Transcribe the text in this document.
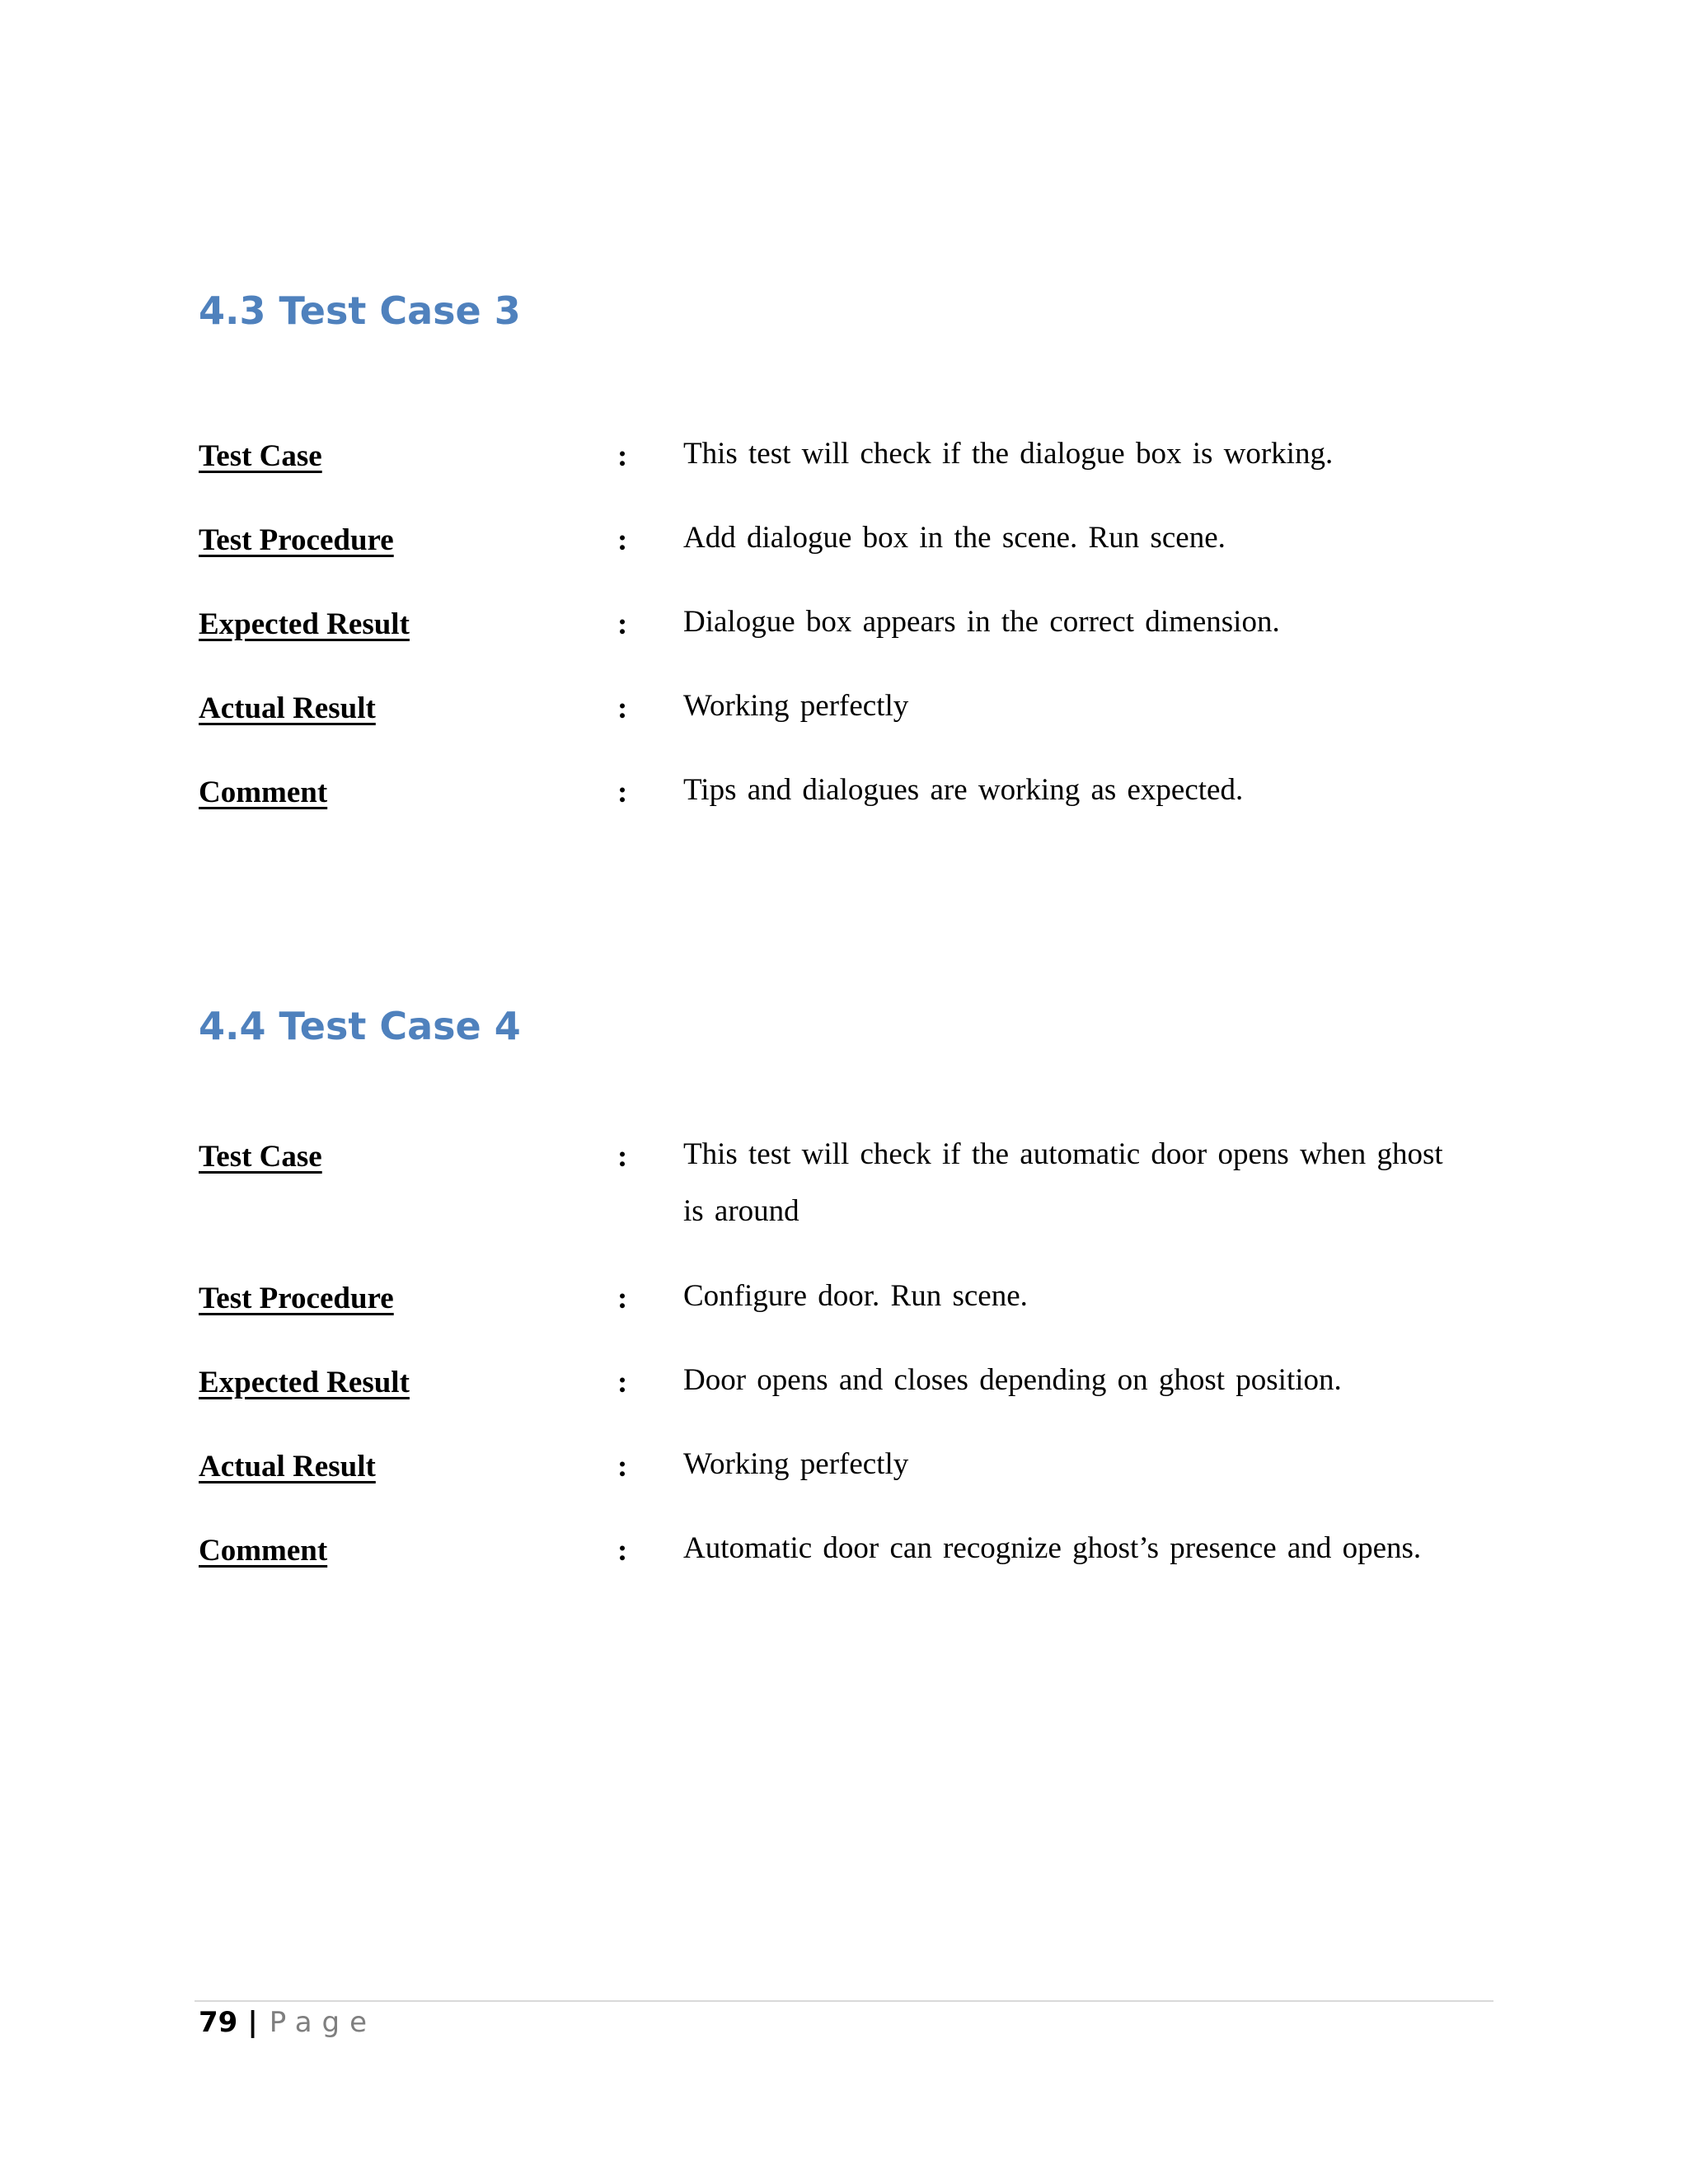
4.3 Test Case 3
Test Case	: This test will check if the dialogue box is working.
Test Procedure	: Add dialogue box in the scene. Run scene.
Expected Result	: Dialogue box appears in the correct dimension.
Actual Result	: Working perfectly
Comment	: Tips and dialogues are working as expected.
4.4 Test Case 4
Test Case	: This test will check if the automatic door opens when ghost is around
Test Procedure	: Configure door. Run scene.
Expected Result	: Door opens and closes depending on ghost position.
Actual Result	: Working perfectly
Comment	: Automatic door can recognize ghost’s presence and opens.
79 | Page
